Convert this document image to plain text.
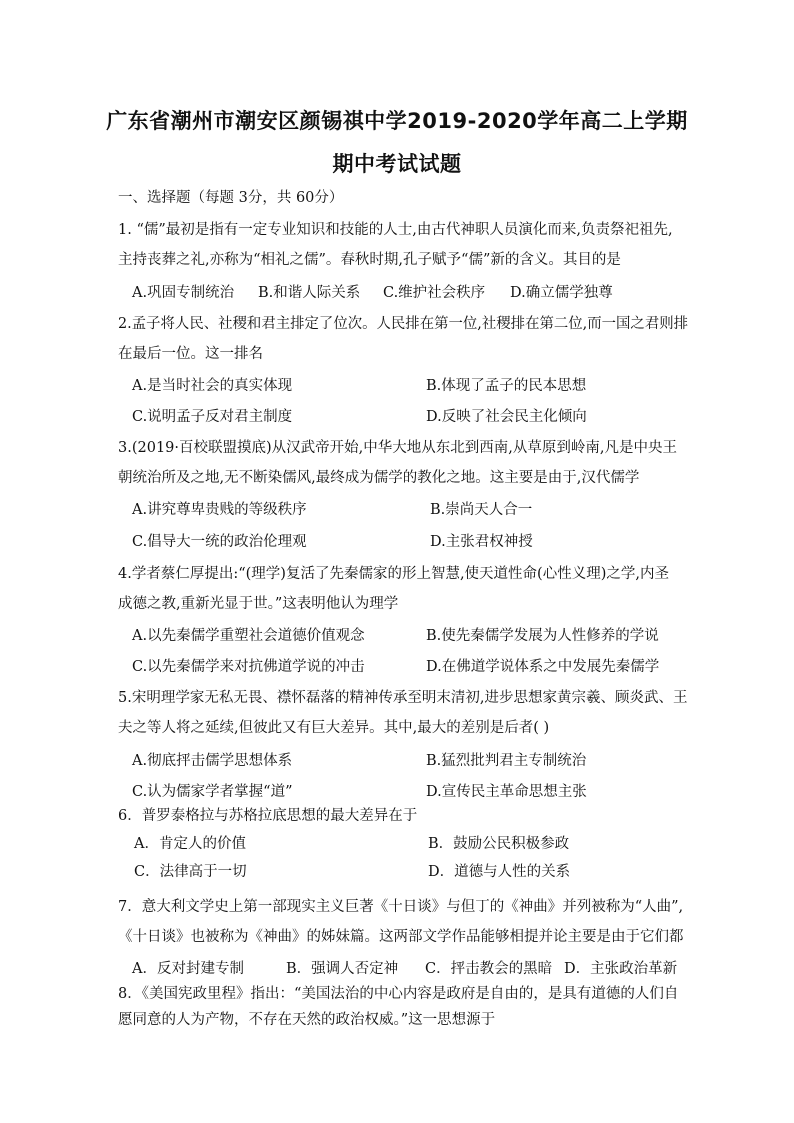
广东省潮州市潮安区颜锡祺中学2019-2020学年高二上学期
期中考试试题
一、选择题（每题 3分，共 60分）
1. “儒”最初是指有一定专业知识和技能的人士,由古代神职人员演化而来,负责祭祀祖先,
主持丧葬之礼,亦称为“相礼之儒”。春秋时期,孔子赋予“儒”新的含义。其目的是
A.巩固专制统治 B.和谐人际关系 C.维护社会秩序 D.确立儒学独尊
2.孟子将人民、社稷和君主排定了位次。人民排在第一位,社稷排在第二位,而一国之君则排
在最后一位。这一排名
A.是当时社会的真实体现	B.体现了孟子的民本思想
C.说明孟子反对君主制度	D.反映了社会民主化倾向
3.(2019·百校联盟摸底)从汉武帝开始,中华大地从东北到西南,从草原到岭南,凡是中央王
朝统治所及之地,无不断染儒风,最终成为儒学的教化之地。这主要是由于,汉代儒学
A.讲究尊卑贵贱的等级秩序	B.崇尚天人合一
C.倡导大一统的政治伦理观	D.主张君权神授
4.学者蔡仁厚提出:“(理学)复活了先秦儒家的形上智慧,使天道性命(心性义理)之学,内圣
成德之教,重新光显于世。”这表明他认为理学
A.以先秦儒学重塑社会道德价值观念	B.使先秦儒学发展为人性修养的学说
C.以先秦儒学来对抗佛道学说的冲击	D.在佛道学说体系之中发展先秦儒学
5.宋明理学家无私无畏、襟怀磊落的精神传承至明末清初,进步思想家黄宗羲、顾炎武、王
夫之等人将之延续,但彼此又有巨大差异。其中,最大的差别是后者( )
A.彻底抨击儒学思想体系	B.猛烈批判君主专制统治
C.认为儒家学者掌握“道”	D.宣传民主革命思想主张
6．普罗泰格拉与苏格拉底思想的最大差异在于
A．肯定人的价值	B．鼓励公民积极参政
C．法律高于一切	D．道德与人性的关系
7．意大利文学史上第一部现实主义巨著《十日谈》与但丁的《神曲》并列被称为“人曲”,
《十日谈》也被称为《神曲》的姊妹篇。这两部文学作品能够相提并论主要是由于它们都
A．反对封建专制	B．强调人否定神 C．抨击教会的黑暗 D．主张政治革新
8．《美国宪政里程》指出：“美国法治的中心内容是政府是自由的，是具有道德的人们自
愿同意的人为产物，不存在天然的政治权威。”这一思想源于
